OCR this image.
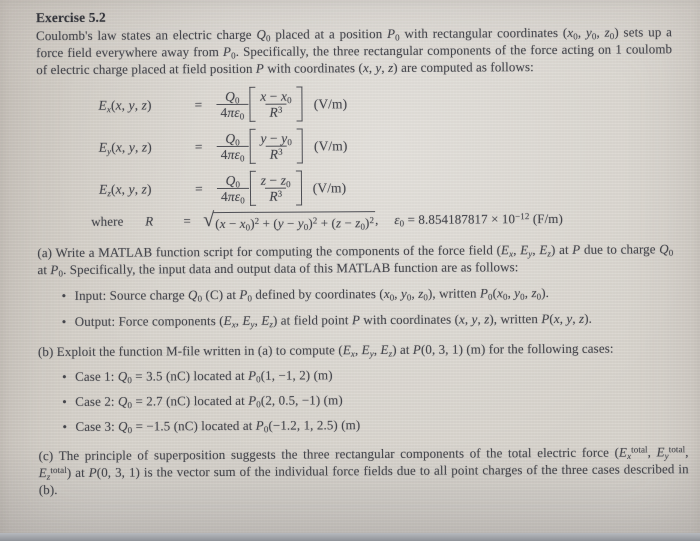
Exercise 5.2

Coulomb's law states an electric charge $Q_0$ placed at a position $P_0$ with rectangular coordinates ($x_0$, $y_0$, $z_0$) sets up a force field everywhere away from $P_0$. Specifically, the three rectangular components of the force acting on 1 coulomb of electric charge placed at field position P with coordinates (x, y, z) are computed as follows:

$E_x(x$, y, z)	=	$\frac{Q_0}{4\pi\varepsilon_0} \frac{x - x_0}{R^3} (V/m)$
$E_y(x$, y, z)	=	$\frac{Q_0}{4\pi\varepsilon_0} \frac{y - y_0}{R^3} (V/m)$
$E_z(x$, y, z)	=	$\frac{Q_0}{4\pi\varepsilon_0} \frac{z - z_0}{R^3} (V/m)$
where	R	= √ $(x - x_0)^2 + (y - y_0)^2 + (z - z_0)^2$ , $\varepsilon_0 = 8.854187817 \times 10^{-12}$ (F/m)

(a) Write a MATLAB function script for computing the components of the force field ($E_x$, $E_y$, $E_z$) at P due to charge $Q_0$ at $P_0$. Specifically, the input data and output data of this MATLAB function are as follows:

• Input: Source charge $Q_0$ (C) at $P_0$ defined by coordinates ($x_0$, $y_0$, $z_0$), written $P_0(x_0$, $y_0$, $z_0$).
• Output: Force components ($E_x$, $E_y$, $E_z$) at field point P with coordinates (x, y, z), written P(x, y, z).

(b) Exploit the function M-file written in (a) to compute ($E_x$, $E_y$, $E_z$) at P(0, 3, 1) (m) for the following cases:

• Case 1: $Q_0 = 3.5$ (nC) located at $P_0(1$, −1, 2) (m)
• Case 2: $Q_0 = 2.7$ (nC) located at $P_0(2$, 0.5, −1) (m)
• Case 3: $Q_0 = -1.5$ (nC) located at $P_0(-1.2$, 1, 2.5) (m)

(c) The principle of superposition suggests the three rectangular components of the total electric force ($E_x^{total}$, $E_y^{total}$, $E_z^{total}$) at P(0, 3, 1) is the vector sum of the individual force fields due to all point charges of the three cases described in (b).
